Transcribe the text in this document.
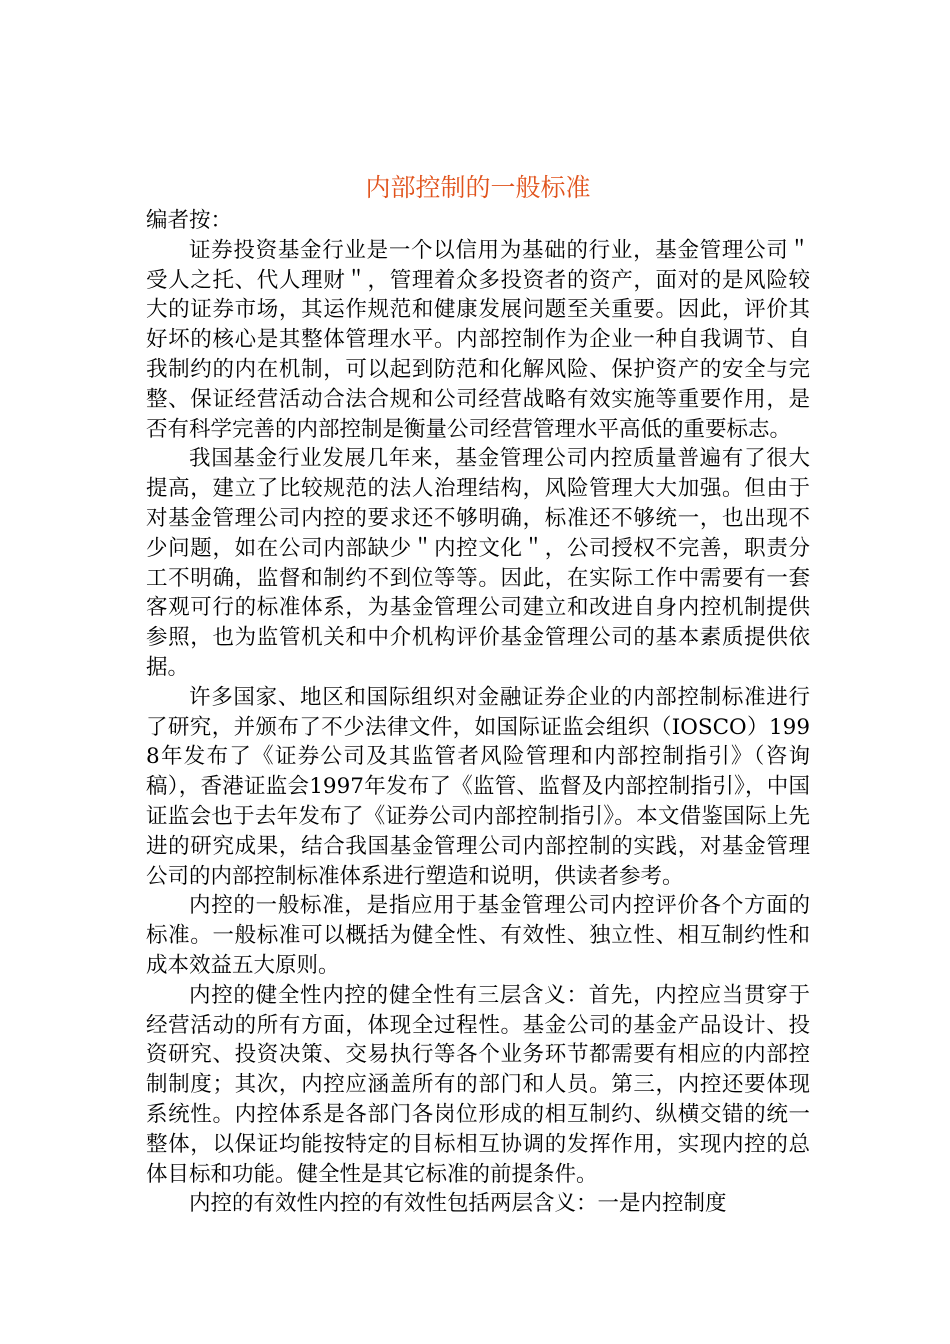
内部控制的一般标准

编者按：

证券投资基金行业是一个以信用为基础的行业，基金管理公司＂受人之托、代人理财＂，管理着众多投资者的资产，面对的是风险较大的证券市场，其运作规范和健康发展问题至关重要。因此，评价其好坏的核心是其整体管理水平。内部控制作为企业一种自我调节、自我制约的内在机制，可以起到防范和化解风险、保护资产的安全与完整、保证经营活动合法合规和公司经营战略有效实施等重要作用，是否有科学完善的内部控制是衡量公司经营管理水平高低的重要标志。

我国基金行业发展几年来，基金管理公司内控质量普遍有了很大提高，建立了比较规范的法人治理结构，风险管理大大加强。但由于对基金管理公司内控的要求还不够明确，标准还不够统一，也出现不少问题，如在公司内部缺少＂内控文化＂，公司授权不完善，职责分工不明确，监督和制约不到位等等。因此，在实际工作中需要有一套客观可行的标准体系，为基金管理公司建立和改进自身内控机制提供参照，也为监管机关和中介机构评价基金管理公司的基本素质提供依据。

许多国家、地区和国际组织对金融证券企业的内部控制标准进行了研究，并颁布了不少法律文件，如国际证监会组织（IOSCO）1998年发布了《证券公司及其监管者风险管理和内部控制指引》（咨询稿），香港证监会1997年发布了《监管、监督及内部控制指引》，中国证监会也于去年发布了《证券公司内部控制指引》。本文借鉴国际上先进的研究成果，结合我国基金管理公司内部控制的实践，对基金管理公司的内部控制标准体系进行塑造和说明，供读者参考。

内控的一般标准，是指应用于基金管理公司内控评价各个方面的标准。一般标准可以概括为健全性、有效性、独立性、相互制约性和成本效益五大原则。

内控的健全性内控的健全性有三层含义：首先，内控应当贯穿于经营活动的所有方面，体现全过程性。基金公司的基金产品设计、投资研究、投资决策、交易执行等各个业务环节都需要有相应的内部控制制度；其次，内控应涵盖所有的部门和人员。第三，内控还要体现系统性。内控体系是各部门各岗位形成的相互制约、纵横交错的统一整体，以保证均能按特定的目标相互协调的发挥作用，实现内控的总体目标和功能。健全性是其它标准的前提条件。

内控的有效性内控的有效性包括两层含义：一是内控制度
